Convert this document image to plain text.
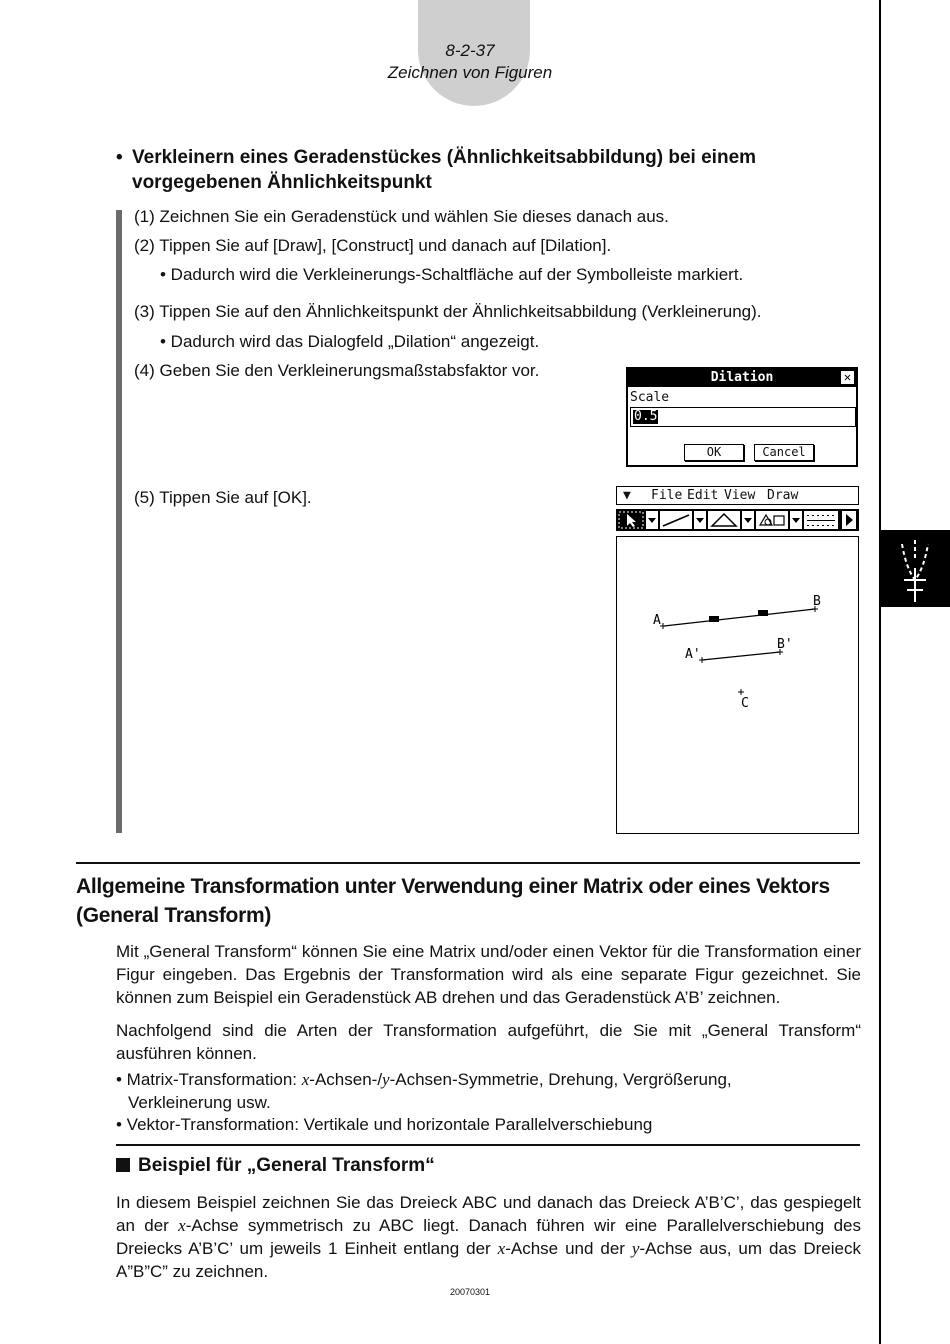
8-2-37
Zeichnen von Figuren
• Verkleinern eines Geradenstückes (Ähnlichkeitsabbildung) bei einem
vorgegebenen Ähnlichkeitspunkt
(1) Zeichnen Sie ein Geradenstück und wählen Sie dieses danach aus.
(2) Tippen Sie auf [Draw], [Construct] und danach auf [Dilation].
• Dadurch wird die Verkleinerungs-Schaltfläche auf der Symbolleiste markiert.
(3) Tippen Sie auf den Ähnlichkeitspunkt der Ähnlichkeitsabbildung (Verkleinerung).
• Dadurch wird das Dialogfeld „Dilation“ angezeigt.
(4) Geben Sie den Verkleinerungsmaßstabsfaktor vor.
(5) Tippen Sie auf [OK].
Dilation	✕
Scale
0.5
OK	Cancel
▼ File Edit View Draw
A
B
A'
B'
C
Allgemeine Transformation unter Verwendung einer Matrix oder eines Vektors
(General Transform)
Mit „General Transform“ können Sie eine Matrix und/oder einen Vektor für die Transformation einer Figur eingeben. Das Ergebnis der Transformation wird als eine separate Figur gezeichnet. Sie können zum Beispiel ein Geradenstück AB drehen und das Geradenstück A’B’ zeichnen.
Nachfolgend sind die Arten der Transformation aufgeführt, die Sie mit „General Transform“ ausführen können.
• Matrix-Transformation: x-Achsen-/y-Achsen-Symmetrie, Drehung, Vergrößerung,
Verkleinerung usw.
• Vektor-Transformation: Vertikale und horizontale Parallelverschiebung
Beispiel für „General Transform“
In diesem Beispiel zeichnen Sie das Dreieck ABC und danach das Dreieck A’B’C’, das gespiegelt an der x-Achse symmetrisch zu ABC liegt. Danach führen wir eine Parallelverschiebung des Dreiecks A’B’C’ um jeweils 1 Einheit entlang der x-Achse und der y-Achse aus, um das Dreieck A”B”C” zu zeichnen.
20070301
